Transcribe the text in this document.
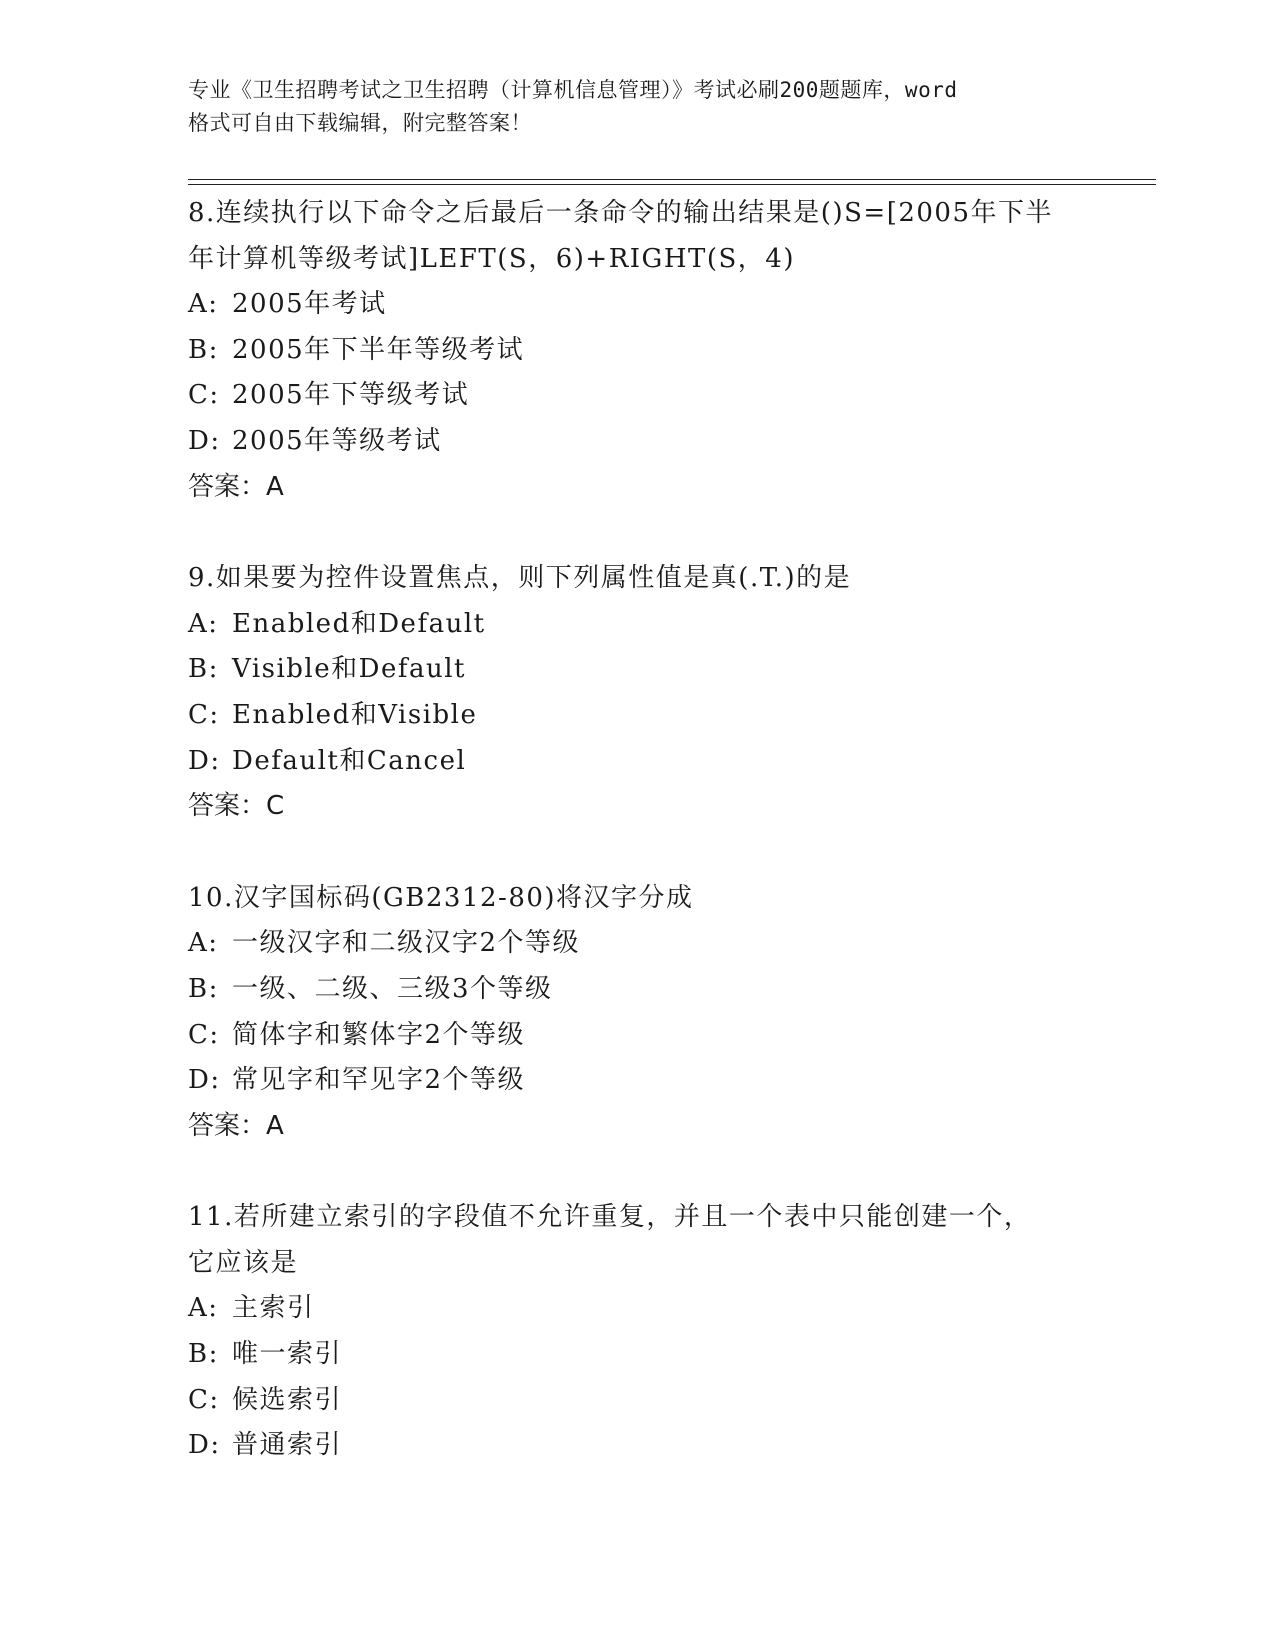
专业《卫生招聘考试之卫生招聘（计算机信息管理）》考试必刷200题题库，word
格式可自由下载编辑，附完整答案！
8.连续执行以下命令之后最后一条命令的输出结果是()S=[2005年下半
年计算机等级考试]LEFT(S，6)+RIGHT(S，4)
A: 2005年考试
B: 2005年下半年等级考试
C: 2005年下等级考试
D: 2005年等级考试
答案：A
9.如果要为控件设置焦点，则下列属性值是真(.T.)的是
A: Enabled和Default
B: Visible和Default
C: Enabled和Visible
D: Default和Cancel
答案：C
10.汉字国标码(GB2312-80)将汉字分成
A: 一级汉字和二级汉字2个等级
B: 一级、二级、三级3个等级
C: 简体字和繁体字2个等级
D: 常见字和罕见字2个等级
答案：A
11.若所建立索引的字段值不允许重复，并且一个表中只能创建一个，
它应该是
A: 主索引
B: 唯一索引
C: 候选索引
D: 普通索引
